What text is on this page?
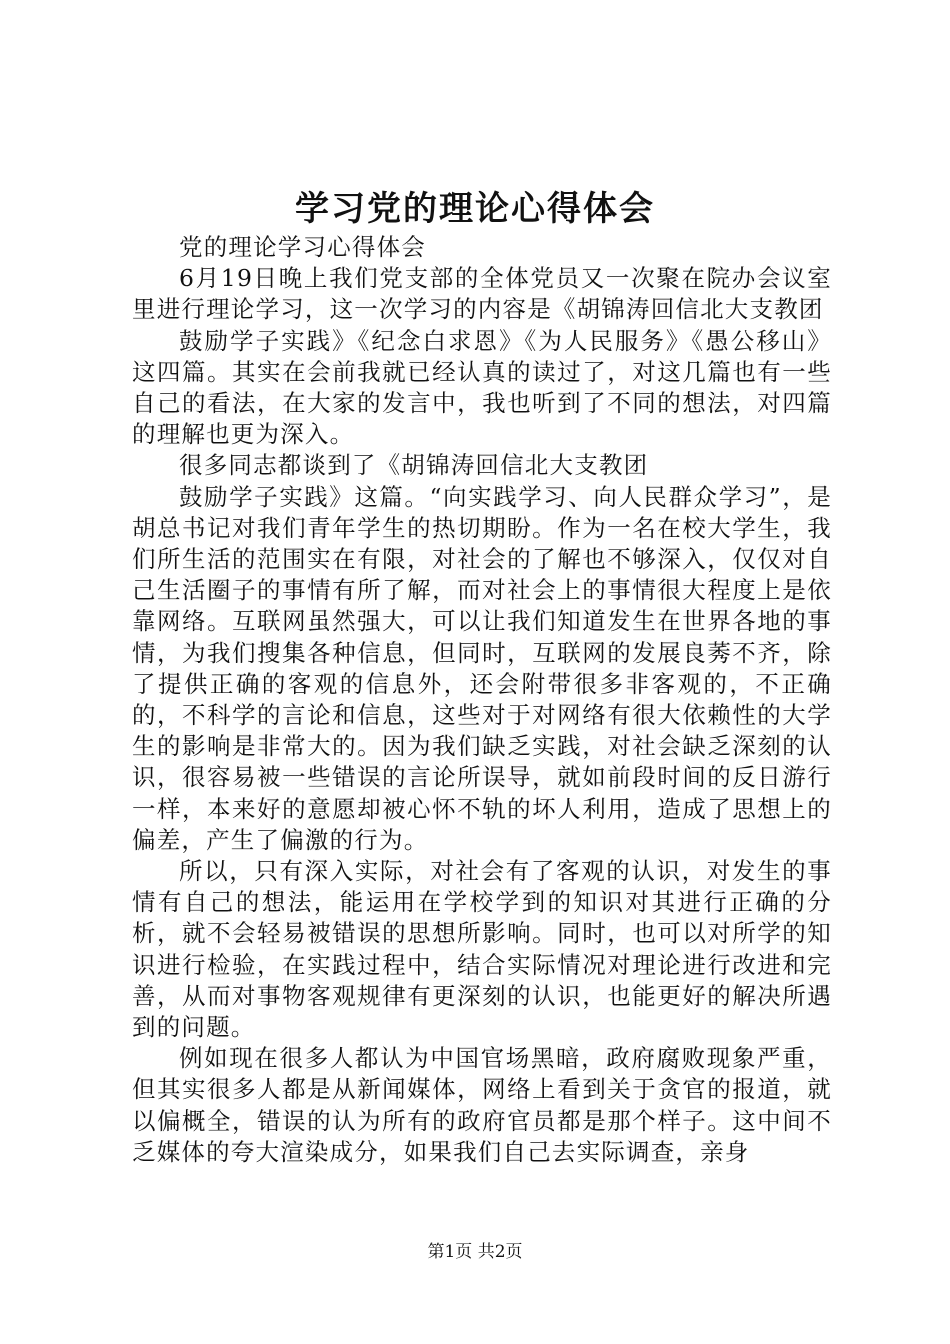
学习党的理论心得体会

党的理论学习心得体会

6月19日晚上我们党支部的全体党员又一次聚在院办会议室里进行理论学习，这一次学习的内容是《胡锦涛回信北大支教团

鼓励学子实践》《纪念白求恩》《为人民服务》《愚公移山》这四篇。其实在会前我就已经认真的读过了，对这几篇也有一些自己的看法，在大家的发言中，我也听到了不同的想法，对四篇的理解也更为深入。

很多同志都谈到了《胡锦涛回信北大支教团

鼓励学子实践》这篇。“向实践学习、向人民群众学习”，是胡总书记对我们青年学生的热切期盼。作为一名在校大学生，我们所生活的范围实在有限，对社会的了解也不够深入，仅仅对自己生活圈子的事情有所了解，而对社会上的事情很大程度上是依靠网络。互联网虽然强大，可以让我们知道发生在世界各地的事情，为我们搜集各种信息，但同时，互联网的发展良莠不齐，除了提供正确的客观的信息外，还会附带很多非客观的，不正确的，不科学的言论和信息，这些对于对网络有很大依赖性的大学生的影响是非常大的。因为我们缺乏实践，对社会缺乏深刻的认识，很容易被一些错误的言论所误导，就如前段时间的反日游行一样，本来好的意愿却被心怀不轨的坏人利用，造成了思想上的偏差，产生了偏激的行为。

所以，只有深入实际，对社会有了客观的认识，对发生的事情有自己的想法，能运用在学校学到的知识对其进行正确的分析，就不会轻易被错误的思想所影响。同时，也可以对所学的知识进行检验，在实践过程中，结合实际情况对理论进行改进和完善，从而对事物客观规律有更深刻的认识，也能更好的解决所遇到的问题。

例如现在很多人都认为中国官场黑暗，政府腐败现象严重，但其实很多人都是从新闻媒体，网络上看到关于贪官的报道，就以偏概全，错误的认为所有的政府官员都是那个样子。这中间不乏媒体的夸大渲染成分，如果我们自己去实际调查，亲身

第1页 共2页
